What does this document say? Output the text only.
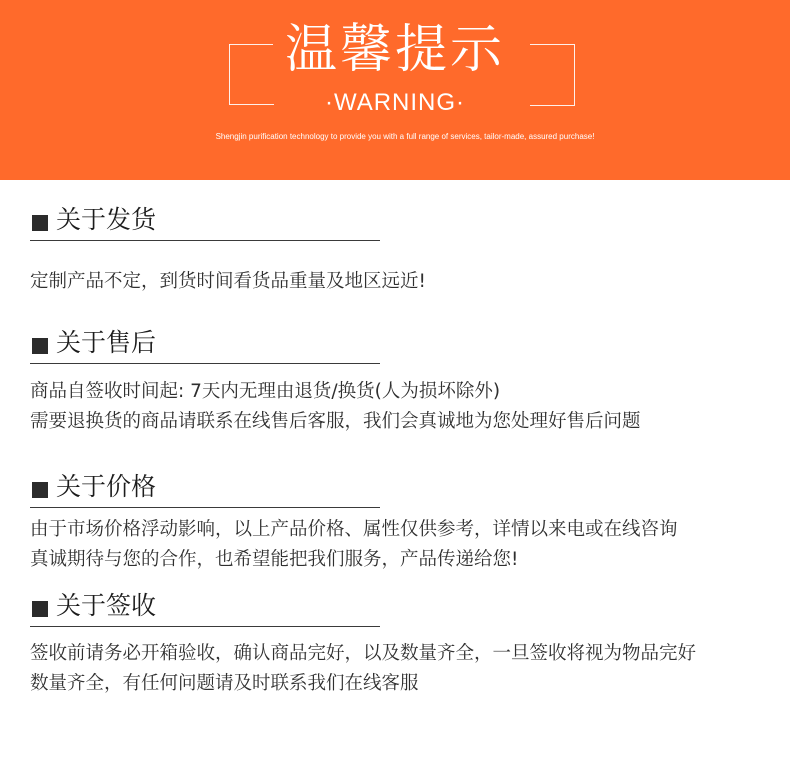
温馨提示
·WARNING·
Shengjin purification technology to provide you with a full range of services, tailor-made, assured purchase!
关于发货
定制产品不定，到货时间看货品重量及地区远近!
关于售后
商品自签收时间起: 7天内无理由退货/换货(人为损坏除外)
需要退换货的商品请联系在线售后客服，我们会真诚地为您处理好售后问题
关于价格
由于市场价格浮动影响，以上产品价格、属性仅供参考，详情以来电或在线咨询
真诚期待与您的合作，也希望能把我们服务，产品传递给您!
关于签收
签收前请务必开箱验收，确认商品完好，以及数量齐全，一旦签收将视为物品完好
数量齐全，有任何问题请及时联系我们在线客服
